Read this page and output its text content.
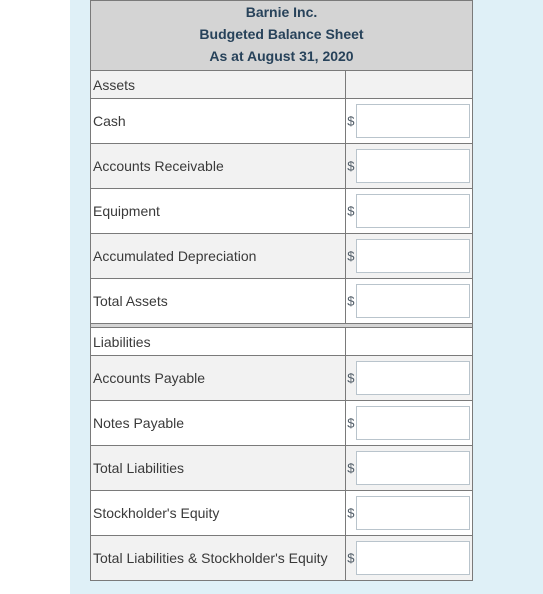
Barnie Inc.
Budgeted Balance Sheet
As at August 31, 2020	

Assets	
Cash	$

Accounts Receivable	$

Equipment	$

Accumulated Depreciation	$

Total Assets	$

Liabilities	
Accounts Payable	$

Notes Payable	$

Total Liabilities	$

Stockholder's Equity	$

Total Liabilities & Stockholder's Equity	$
